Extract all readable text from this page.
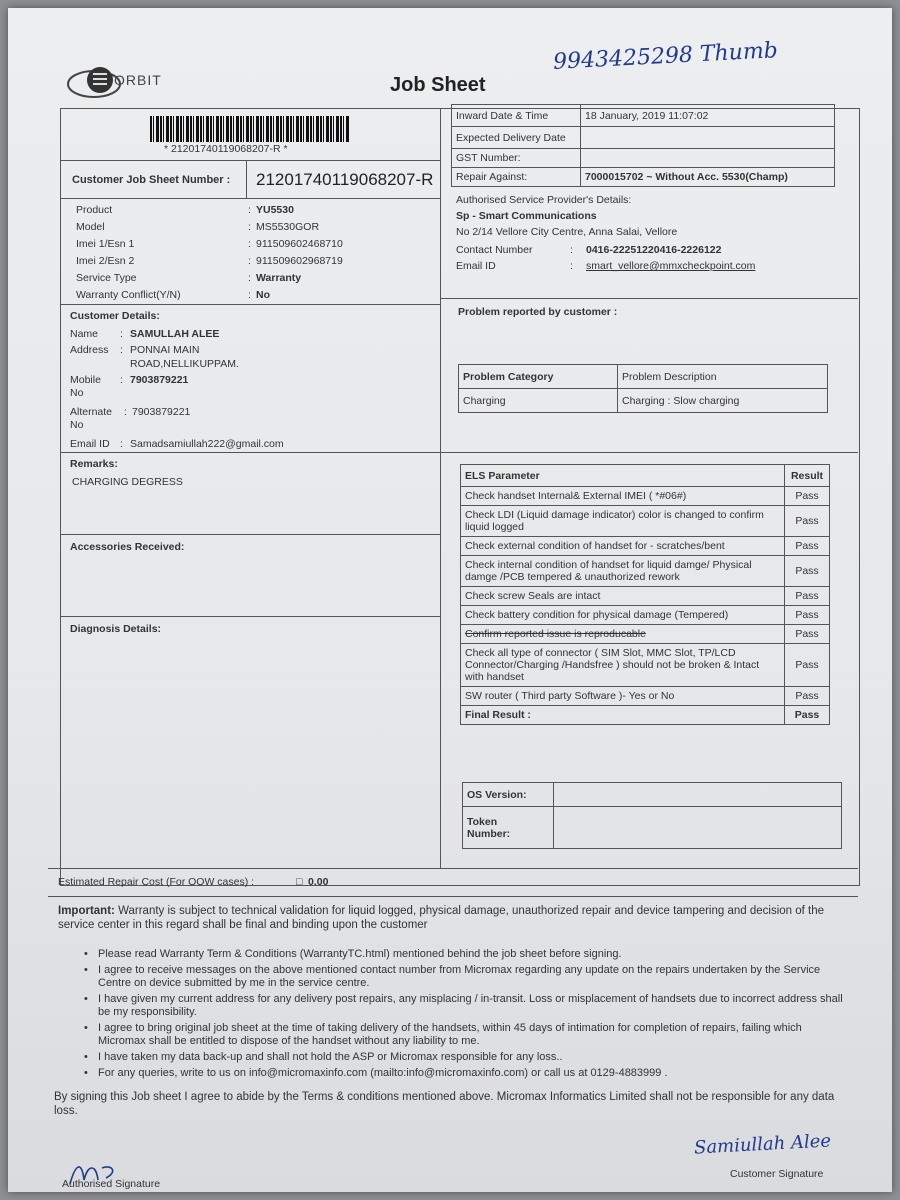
ORBIT	Job Sheet
9943425298 Thumb
* 21201740119068207-R *
Customer Job Sheet Number : 21201740119068207-R
Product	YU5530
Model	MS5530GOR
Imei 1/Esn 1	911509602468710
Imei 2/Esn 2	911509602968719
Service Type	Warranty
Warranty Conflict(Y/N)	No
:
:
:
:
:
:
Inward Date & Time	18 January, 2019 11:07:02
Expected Delivery Date	
GST Number:	
Repair Against:	7000015702 ~ Without Acc. 5530(Champ)
Authorised Service Provider's Details:
Sp - Smart Communications
No 2/14 Vellore City Centre, Anna Salai, Vellore
Contact Number	: 0416-22251220416-2226122
Email ID	: smart_vellore@mmxcheckpoint.com
Customer Details:
Name : SAMULLAH ALEE
Address : PONNAI MAIN
ROAD,NELLIKUPPAM.
Mobile
No
: 7903879221
Alternate
No
: 7903879221
Email ID : Samadsamiullah222@gmail.com
Problem reported by customer :
Problem Category	Problem Description
Charging	Charging : Slow charging
Remarks:
CHARGING DEGRESS
Accessories Received:
Diagnosis Details:
ELS Parameter	Result
Check handset Internal& External IMEI ( *#06#)	Pass
Check LDI (Liquid damage indicator) color is changed to confirm liquid logged	Pass
Check external condition of handset for - scratches/bent	Pass
Check internal condition of handset for liquid damge/ Physical damge /PCB tempered & unauthorized rework	Pass
Check screw Seals are intact	Pass
Check battery condition for physical damage (Tempered)	Pass
Confirm reported issue is reproducable	Pass
Check all type of connector ( SIM Slot, MMC Slot, TP/LCD Connector/Charging /Handsfree ) should not be broken & Intact with handset	Pass
SW router ( Third party Software )- Yes or No	Pass
Final Result :	Pass
OS Version:	
Token
Number:	
Estimated Repair Cost (For OOW cases) :	□ 0.00
Important: Warranty is subject to technical validation for liquid logged, physical damage, unauthorized repair and device tampering and decision of the service center in this regard shall be final and binding upon the customer
• Please read Warranty Term & Conditions (WarrantyTC.html) mentioned behind the job sheet before signing.
• I agree to receive messages on the above mentioned contact number from Micromax regarding any update on the repairs undertaken by the Service Centre on device submitted by me in the service centre.
• I have given my current address for any delivery post repairs, any misplacing / in-transit. Loss or misplacement of handsets due to incorrect address shall be my responsibility.
• I agree to bring original job sheet at the time of taking delivery of the handsets, within 45 days of intimation for completion of repairs, failing which Micromax shall be entitled to dispose of the handset without any liability to me.
• I have taken my data back-up and shall not hold the ASP or Micromax responsible for any loss..
• For any queries, write to us on info@micromaxinfo.com (mailto:info@micromaxinfo.com) or call us at 0129-4883999 .
By signing this Job sheet I agree to abide by the Terms & conditions mentioned above. Micromax Informatics Limited shall not be responsible for any data loss.
Authorised Signature
Samiullah Alee
Customer Signature
